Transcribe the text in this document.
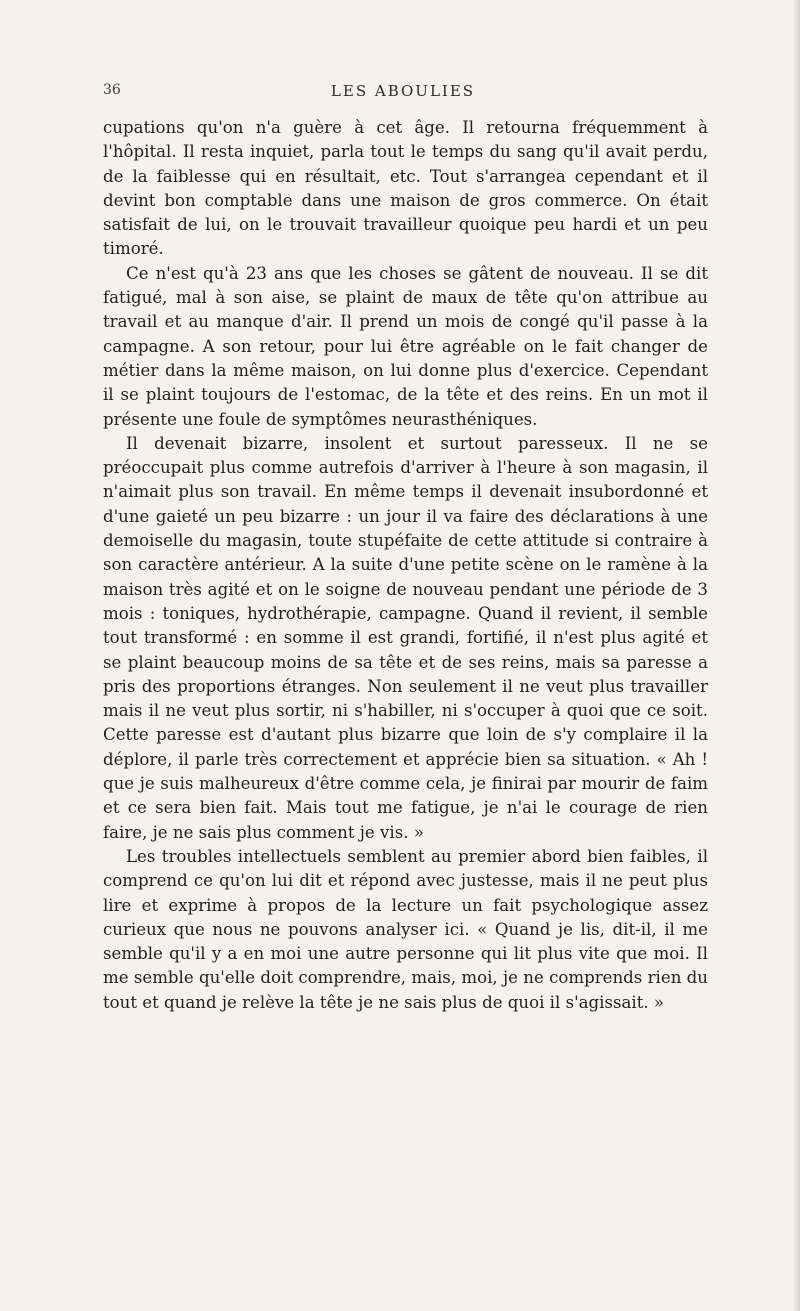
36	LES ABOULIES

cupations qu'on n'a guère à cet âge. Il retourna fréquemment à l'hôpital. Il resta inquiet, parla tout le temps du sang qu'il avait perdu, de la faiblesse qui en résultait, etc. Tout s'arrangea cependant et il devint bon comptable dans une maison de gros commerce. On était satisfait de lui, on le trouvait travailleur quoique peu hardi et un peu timoré.

Ce n'est qu'à 23 ans que les choses se gâtent de nouveau. Il se dit fatigué, mal à son aise, se plaint de maux de tête qu'on attribue au travail et au manque d'air. Il prend un mois de congé qu'il passe à la campagne. A son retour, pour lui être agréable on le fait changer de métier dans la même maison, on lui donne plus d'exercice. Cependant il se plaint toujours de l'estomac, de la tête et des reins. En un mot il présente une foule de symptômes neurasthéniques.

Il devenait bizarre, insolent et surtout paresseux. Il ne se préoccupait plus comme autrefois d'arriver à l'heure à son magasin, il n'aimait plus son travail. En même temps il devenait insubordonné et d'une gaieté un peu bizarre : un jour il va faire des déclarations à une demoiselle du magasin, toute stupéfaite de cette attitude si contraire à son caractère antérieur. A la suite d'une petite scène on le ramène à la maison très agité et on le soigne de nouveau pendant une période de 3 mois : toniques, hydrothérapie, campagne. Quand il revient, il semble tout transformé : en somme il est grandi, fortifié, il n'est plus agité et se plaint beaucoup moins de sa tête et de ses reins, mais sa paresse a pris des proportions étranges. Non seulement il ne veut plus travailler mais il ne veut plus sortir, ni s'habiller, ni s'occuper à quoi que ce soit. Cette paresse est d'autant plus bizarre que loin de s'y complaire il la déplore, il parle très correctement et apprécie bien sa situation. « Ah ! que je suis malheureux d'être comme cela, je finirai par mourir de faim et ce sera bien fait. Mais tout me fatigue, je n'ai le courage de rien faire, je ne sais plus comment je vis. »

Les troubles intellectuels semblent au premier abord bien faibles, il comprend ce qu'on lui dit et répond avec justesse, mais il ne peut plus lire et exprime à propos de la lecture un fait psychologique assez curieux que nous ne pouvons analyser ici. « Quand je lis, dit-il, il me semble qu'il y a en moi une autre personne qui lit plus vite que moi. Il me semble qu'elle doit comprendre, mais, moi, je ne comprends rien du tout et quand je relève la tête je ne sais plus de quoi il s'agissait. »
